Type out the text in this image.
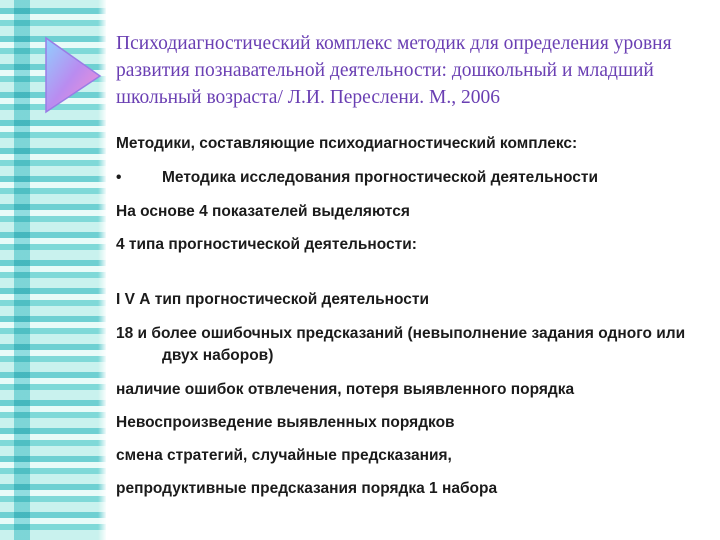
Психодиагностический комплекс методик для определения уровня развития познавательной деятельности: дошкольный и младший школьный возраста/ Л.И. Переслени. М., 2006

Методики, составляющие психодиагностический комплекс:

•	Методика исследования прогностической деятельности

На основе 4 показателей выделяются

4 типа прогностической деятельности:

I V А тип прогностической деятельности

18 и более ошибочных предсказаний (невыполнение задания одного или двух наборов)

наличие ошибок отвлечения, потеря выявленного порядка

Невоспроизведение выявленных порядков

смена стратегий, случайные предсказания,

репродуктивные предсказания порядка 1 набора
